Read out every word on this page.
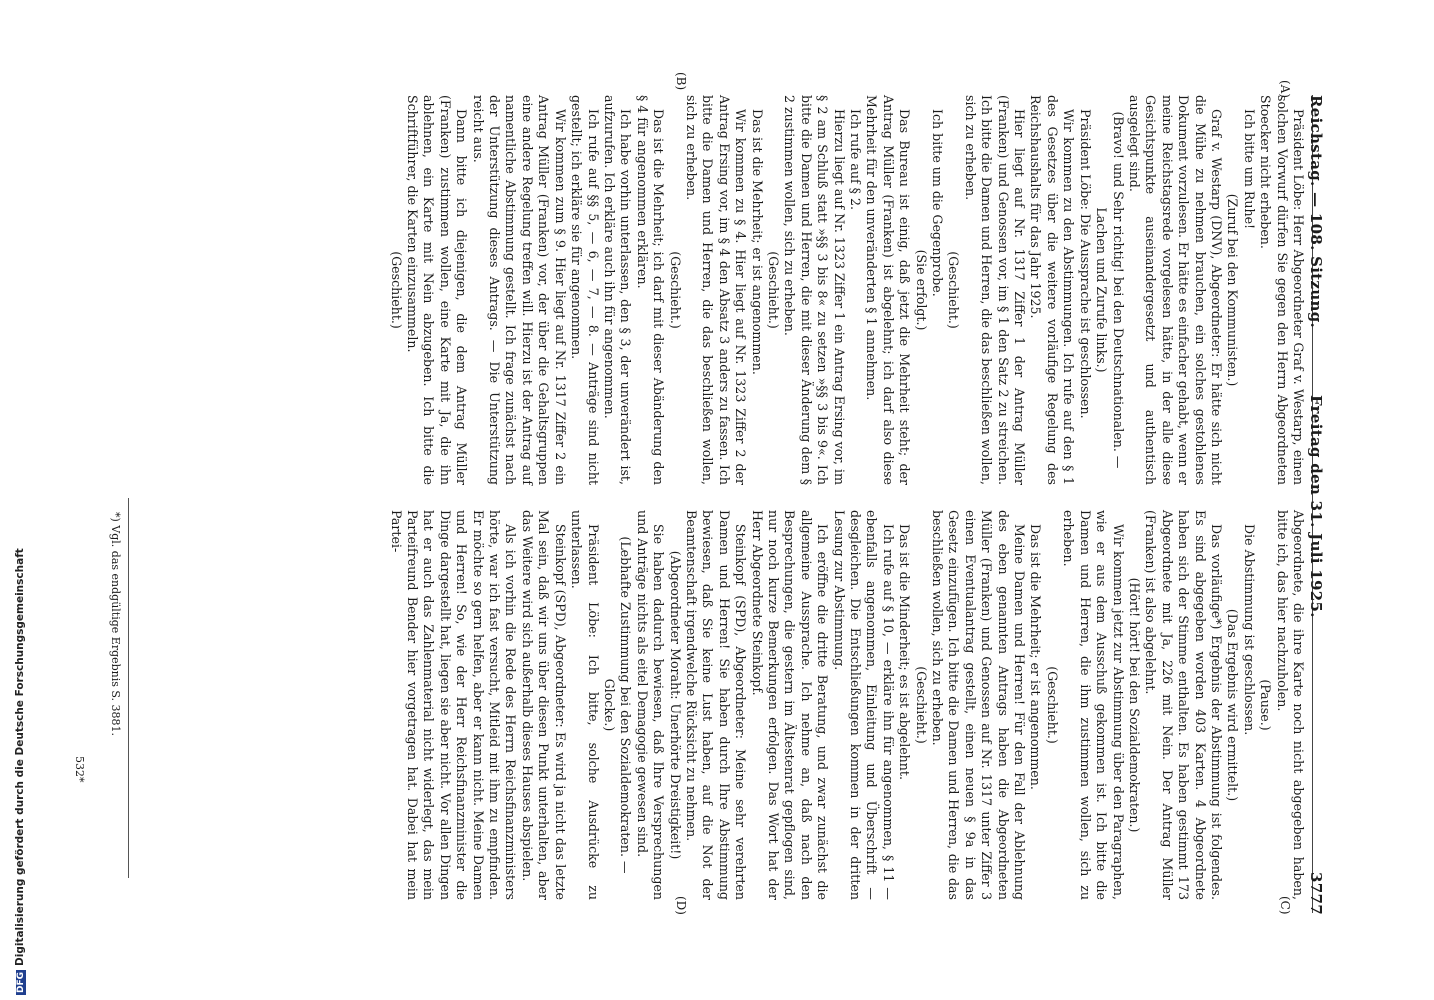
Reichstag. — 108. Sitzung.
Freitag den 31. Juli 1925.
3777
(A)
(B)
(C)
(D)

Präsident Löbe: Herr Abgeordneter Graf v. Westarp, einen solchen Vorwurf dürfen Sie gegen den Herrn Abgeordneten Stoecker nicht erheben.

Ich bitte um Ruhe!

(Zuruf bei den Kommunisten.)

Graf v. Westarp (DNV), Abgeordneter: Er hätte sich nicht die Mühe zu nehmen brauchen, ein solches gestohlenes Dokument vorzulesen. Er hätte es einfacher gehabt, wenn er meine Reichstagsrede vorgelesen hätte, in der alle diese Gesichtspunkte auseinandergesetzt und authentisch ausgelegt sind.

(Bravo! und Sehr richtig! bei den Deutschnationalen. — Lachen und Zurufe links.)

Präsident Löbe: Die Aussprache ist geschlossen.

Wir kommen zu den Abstimmungen. Ich rufe auf den § 1 des Gesetzes über die weitere vorläufige Regelung des Reichshaushalts für das Jahr 1925.

Hier liegt auf Nr. 1317 Ziffer 1 der Antrag Müller (Franken) und Genossen vor, im § 1 den Satz 2 zu streichen. Ich bitte die Damen und Herren, die das beschließen wollen, sich zu erheben.

(Geschieht.)

Ich bitte um die Gegenprobe.

(Sie erfolgt.)

Das Bureau ist einig, daß jetzt die Mehrheit steht; der Antrag Müller (Franken) ist abgelehnt; ich darf also diese Mehrheit für den unveränderten § 1 annehmen.

Ich rufe auf § 2.

Hierzu liegt auf Nr. 1323 Ziffer 1 ein Antrag Ersing vor, im § 2 am Schluß statt »§§ 3 bis 8« zu setzen »§§ 3 bis 9«. Ich bitte die Damen und Herren, die mit dieser Änderung dem § 2 zustimmen wollen, sich zu erheben.

(Geschieht.)

Das ist die Mehrheit; er ist angenommen.

Wir kommen zu § 4. Hier liegt auf Nr. 1323 Ziffer 2 der Antrag Ersing vor, im § 4 den Absatz 3 anders zu fassen. Ich bitte die Damen und Herren, die das beschließen wollen, sich zu erheben.

(Geschieht.)

Das ist die Mehrheit; ich darf mit dieser Abänderung den § 4 für angenommen erklären.

Ich habe vorhin unterlassen, den § 3, der unverändert ist, aufzurufen. Ich erkläre auch ihn für angenommen.

Ich rufe auf §§ 5, — 6, — 7, — 8. — Anträge sind nicht gestellt; ich erkläre sie für angenommen.

Wir kommen zum § 9. Hier liegt auf Nr. 1317 Ziffer 2 ein Antrag Müller (Franken) vor, der über die Gehaltsgruppen eine andere Regelung treffen will. Hierzu ist der Antrag auf namentliche Abstimmung gestellt. Ich frage zunächst nach der Unterstützung dieses Antrags. — Die Unterstützung reicht aus.

Dann bitte ich diejenigen, die dem Antrag Müller (Franken) zustimmen wollen, eine Karte mit Ja, die ihn ablehnen, ein Karte mit Nein abzugeben. Ich bitte die Schriftführer, die Karten einzusammeln.

(Geschieht.)

Abgeordnete, die ihre Karte noch nicht abgegeben haben, bitte ich, das hier nachzuholen.

(Pause.)

Die Abstimmung ist geschlossen.

(Das Ergebnis wird ermittelt.)

Das vorläufige*) Ergebnis der Abstimmung ist folgendes. Es sind abgegeben worden 403 Karten. 4 Abgeordnete haben sich der Stimme enthalten. Es haben gestimmt 173 Abgeordnete mit Ja, 226 mit Nein. Der Antrag Müller (Franken) ist also abgelehnt.

(Hört! hört! bei den Sozialdemokraten.)

Wir kommen jetzt zur Abstimmung über den Paragraphen, wie er aus dem Ausschuß gekommen ist. Ich bitte die Damen und Herren, die ihm zustimmen wollen, sich zu erheben.

(Geschieht.)

Das ist die Mehrheit; er ist angenommen.

Meine Damen und Herren! Für den Fall der Ablehnung des eben genannten Antrags haben die Abgeordneten Müller (Franken) und Genossen auf Nr. 1317 unter Ziffer 3 einen Eventualantrag gestellt, einen neuen § 9a in das Gesetz einzufügen. Ich bitte die Damen und Herren, die das beschließen wollen, sich zu erheben.

(Geschieht.)

Das ist die Minderheit; es ist abgelehnt.

Ich rufe auf § 10, — erkläre ihn für angenommen, § 11 — ebenfalls angenommen, Einleitung und Überschrift — desgleichen. Die Entschließungen kommen in der dritten Lesung zur Abstimmung.

Ich eröffne die dritte Beratung, und zwar zunächst die allgemeine Aussprache. Ich nehme an, daß nach den Besprechungen, die gestern im Ältestenrat gepflogen sind, nur noch kurze Bemerkungen erfolgen. Das Wort hat der Herr Abgeordnete Steinkopf.

Steinkopf (SPD), Abgeordneter: Meine sehr verehrten Damen und Herren! Sie haben durch Ihre Abstimmung bewiesen, daß Sie keine Lust haben, auf die Not der Beamtenschaft irgendwelche Rücksicht zu nehmen.

(Abgeordneter Moraht: Unerhörte Dreistigkeit!)

Sie haben dadurch bewiesen, daß Ihre Versprechungen und Anträge nichts als eitel Demagogie gewesen sind.

(Lebhafte Zustimmung bei den Sozialdemokraten. — Glocke.)

Präsident Löbe: Ich bitte, solche Ausdrücke zu unterlassen.

Steinkopf (SPD), Abgeordneter: Es wird ja nicht das letzte Mal sein, daß wir uns über diesen Punkt unterhalten, aber das Weitere wird sich außerhalb dieses Hauses abspielen.

Als ich vorhin die Rede des Herrn Reichsfinanzministers hörte, war ich fast versucht, Mitleid mit ihm zu empfinden. Er möchte so gern helfen, aber er kann nicht. Meine Damen und Herren! So, wie der Herr Reichsfinanzminister die Dinge dargestellt hat, liegen sie aber nicht. Vor allen Dingen hat er auch das Zahlenmaterial nicht widerlegt, das mein Parteifreund Bender hier vorgetragen hat. Dabei hat mein Partei-

*) Vgl. das endgültige Ergebnis S. 3881.
532*
DFGDigitalisierung gefördert durch die Deutsche Forschungsgemeinschaft
